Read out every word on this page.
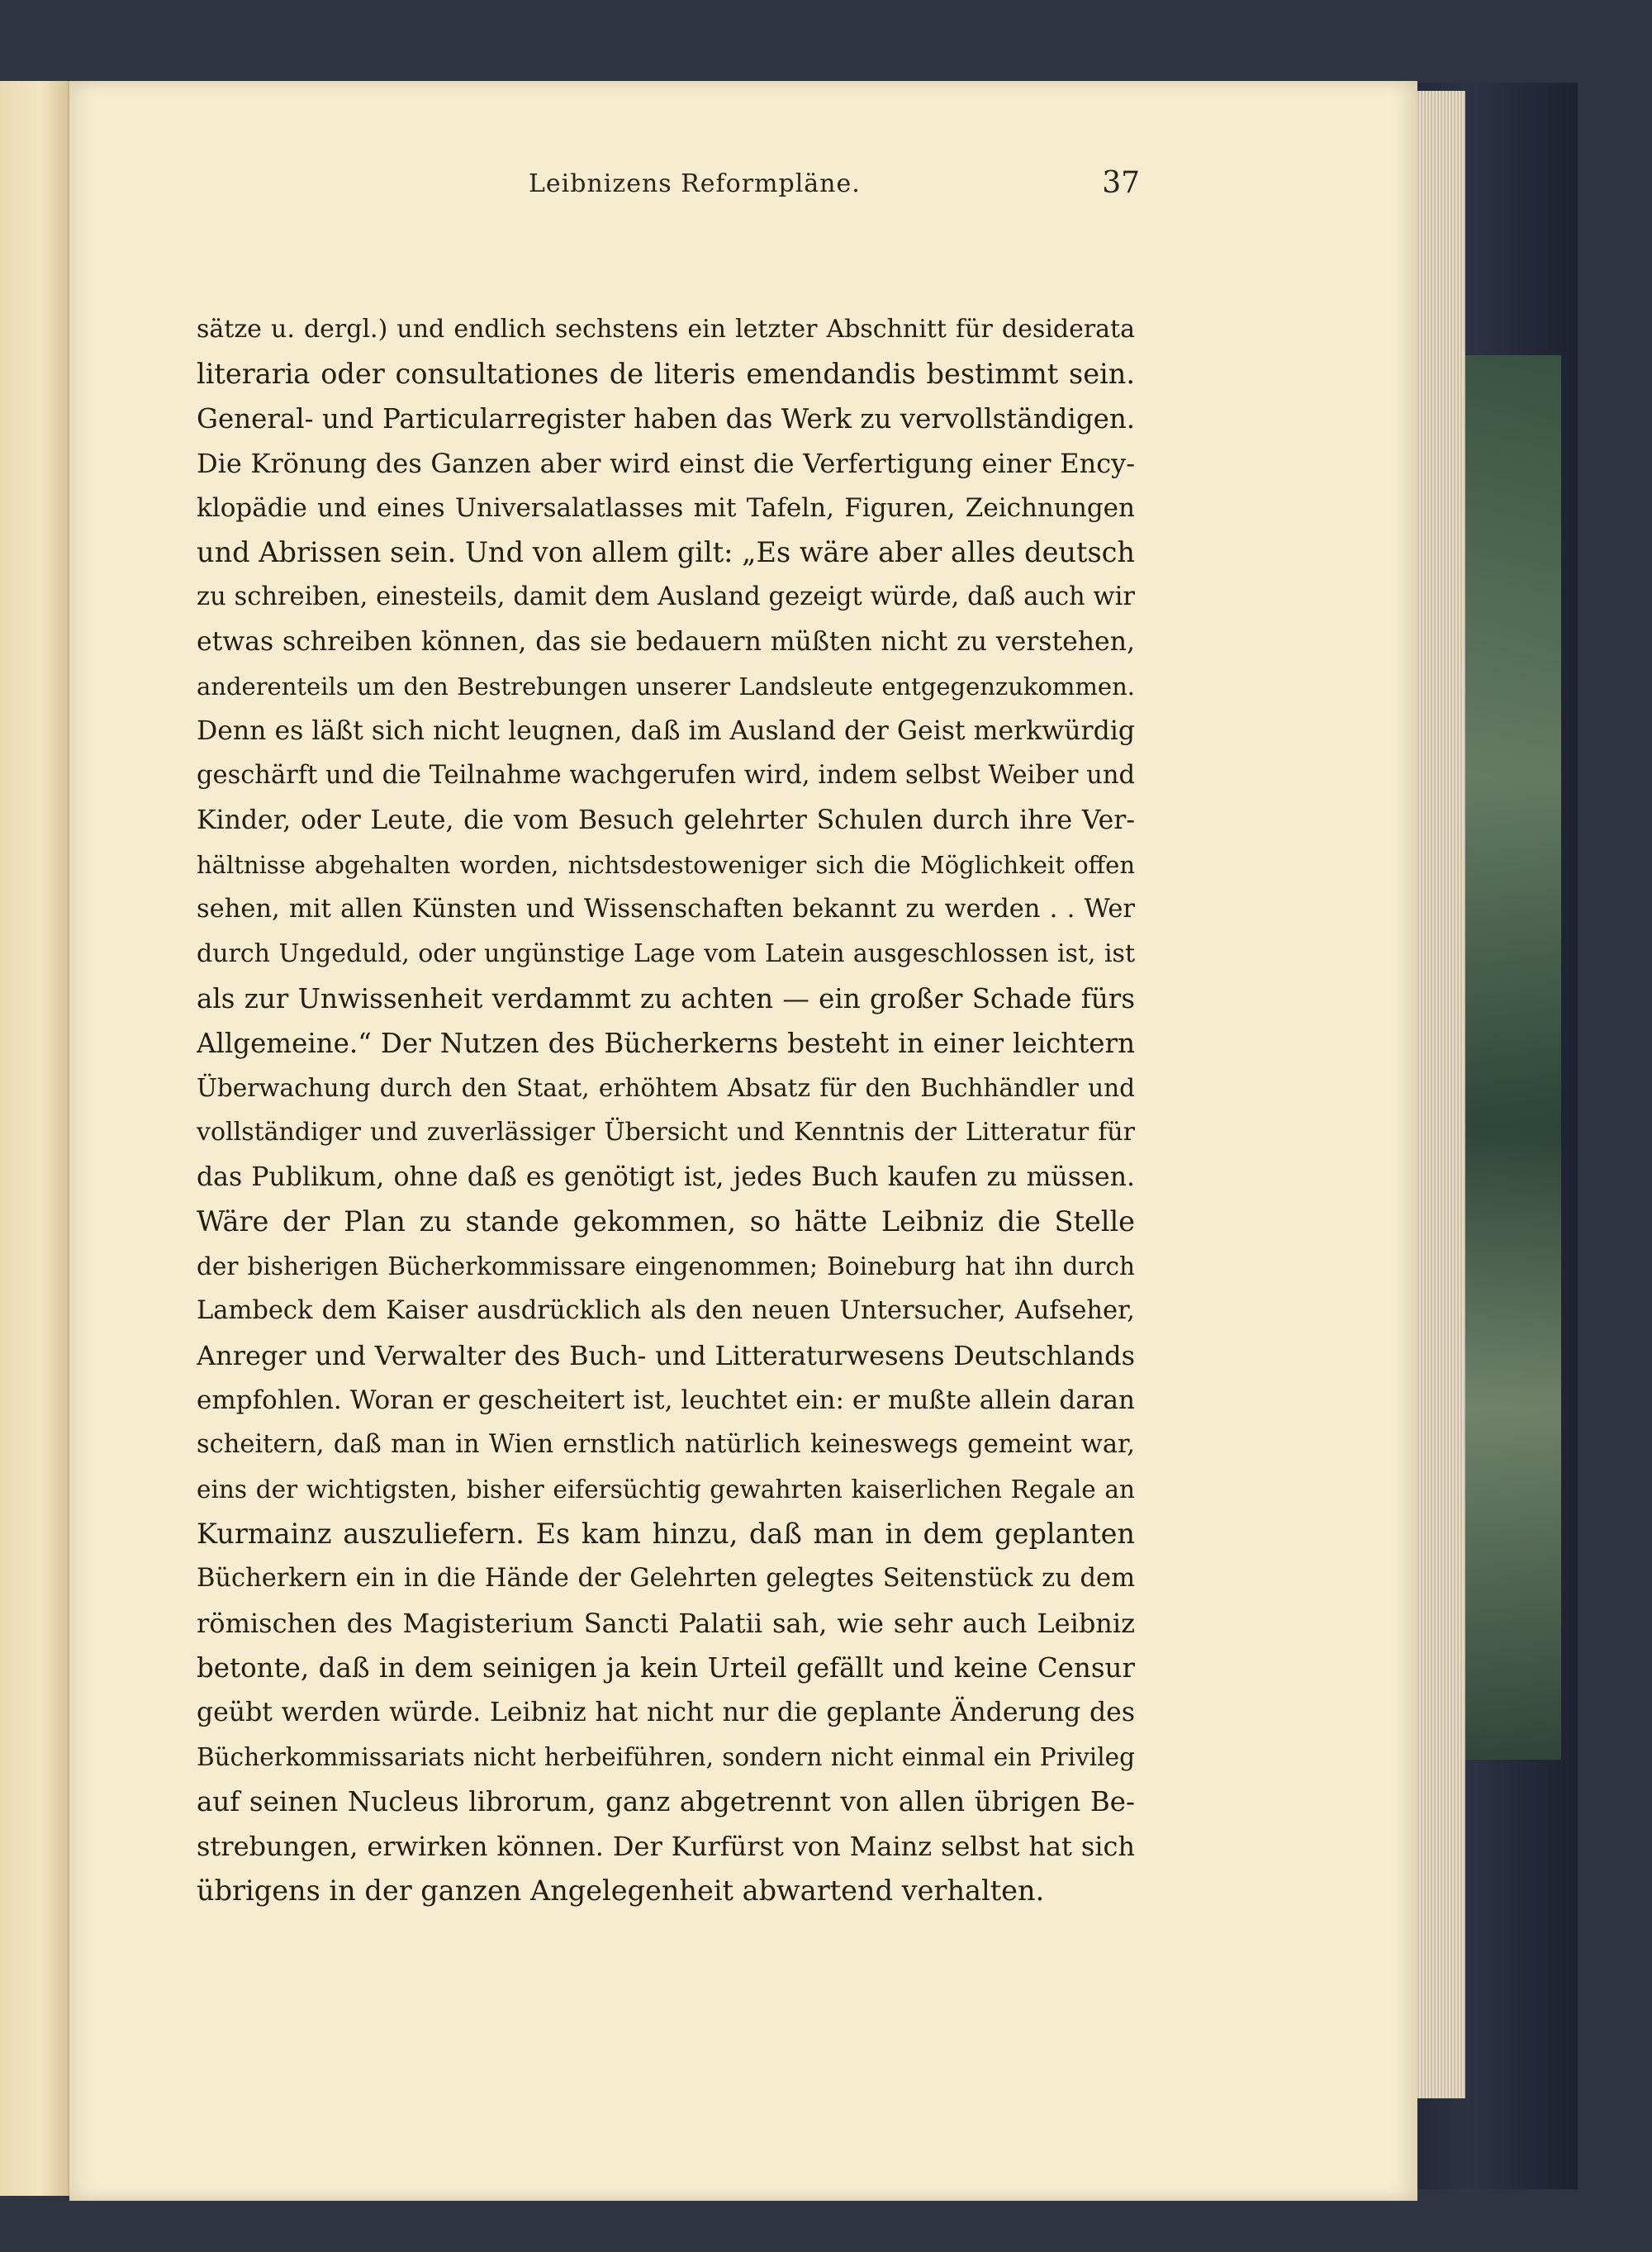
Leibnizens Reformpläne.	37
sätze u. dergl.) und endlich sechstens ein letzter Abschnitt für desiderata
literaria oder consultationes de literis emendandis bestimmt sein.
General- und Particularregister haben das Werk zu vervollständigen.
Die Krönung des Ganzen aber wird einst die Verfertigung einer Ency-
klopädie und eines Universalatlasses mit Tafeln, Figuren, Zeichnungen
und Abrissen sein. Und von allem gilt: „Es wäre aber alles deutsch
zu schreiben, einesteils, damit dem Ausland gezeigt würde, daß auch wir
etwas schreiben können, das sie bedauern müßten nicht zu verstehen,
anderenteils um den Bestrebungen unserer Landsleute entgegenzukommen.
Denn es läßt sich nicht leugnen, daß im Ausland der Geist merkwürdig
geschärft und die Teilnahme wachgerufen wird, indem selbst Weiber und
Kinder, oder Leute, die vom Besuch gelehrter Schulen durch ihre Ver-
hältnisse abgehalten worden, nichtsdestoweniger sich die Möglichkeit offen
sehen, mit allen Künsten und Wissenschaften bekannt zu werden . . Wer
durch Ungeduld, oder ungünstige Lage vom Latein ausgeschlossen ist, ist
als zur Unwissenheit verdammt zu achten — ein großer Schade fürs
Allgemeine.“ Der Nutzen des Bücherkerns besteht in einer leichtern
Überwachung durch den Staat, erhöhtem Absatz für den Buchhändler und
vollständiger und zuverlässiger Übersicht und Kenntnis der Litteratur für
das Publikum, ohne daß es genötigt ist, jedes Buch kaufen zu müssen.
Wäre der Plan zu stande gekommen, so hätte Leibniz die Stelle
der bisherigen Bücherkommissare eingenommen; Boineburg hat ihn durch
Lambeck dem Kaiser ausdrücklich als den neuen Untersucher, Aufseher,
Anreger und Verwalter des Buch- und Litteraturwesens Deutschlands
empfohlen. Woran er gescheitert ist, leuchtet ein: er mußte allein daran
scheitern, daß man in Wien ernstlich natürlich keineswegs gemeint war,
eins der wichtigsten, bisher eifersüchtig gewahrten kaiserlichen Regale an
Kurmainz auszuliefern. Es kam hinzu, daß man in dem geplanten
Bücherkern ein in die Hände der Gelehrten gelegtes Seitenstück zu dem
römischen des Magisterium Sancti Palatii sah, wie sehr auch Leibniz
betonte, daß in dem seinigen ja kein Urteil gefällt und keine Censur
geübt werden würde. Leibniz hat nicht nur die geplante Änderung des
Bücherkommissariats nicht herbeiführen, sondern nicht einmal ein Privileg
auf seinen Nucleus librorum, ganz abgetrennt von allen übrigen Be-
strebungen, erwirken können. Der Kurfürst von Mainz selbst hat sich
übrigens in der ganzen Angelegenheit abwartend verhalten.
